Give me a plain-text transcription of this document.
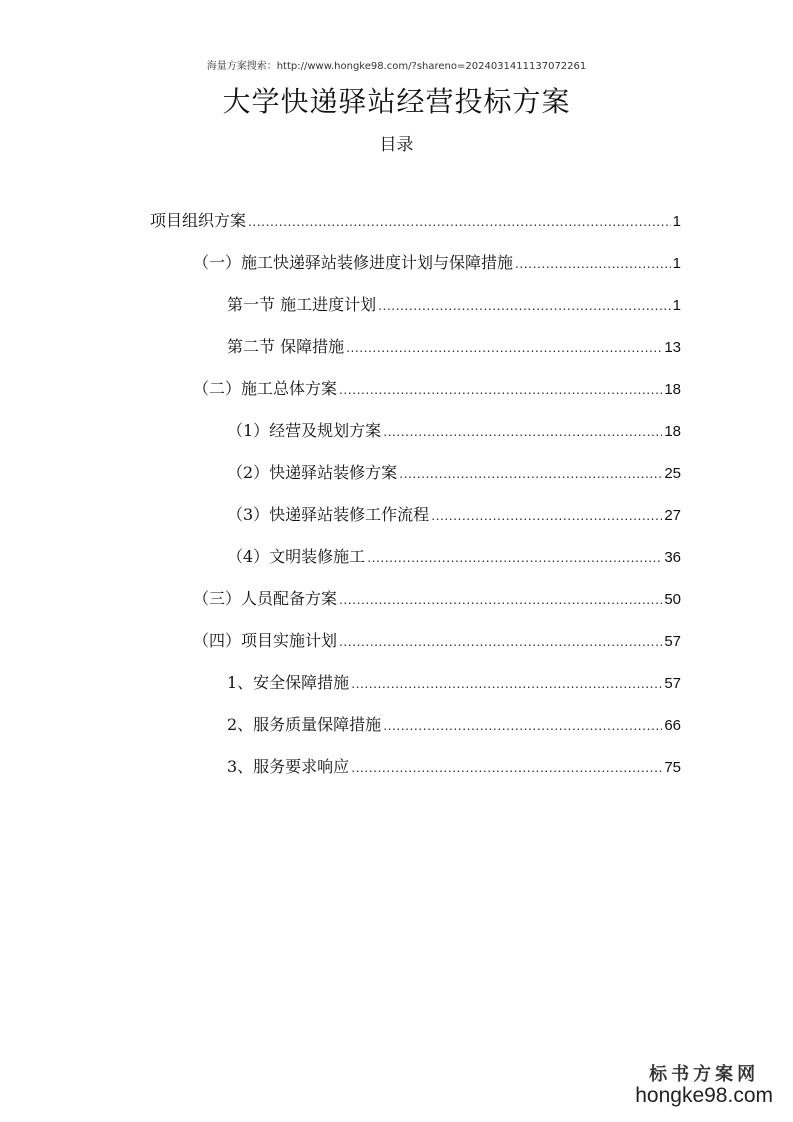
海量方案搜索：http://www.hongke98.com/?shareno=2024031411137072261
大学快递驿站经营投标方案
目录
项目组织方案 .....	1
（一）施工快递驿站装修进度计划与保障措施 .....	1
第一节 施工进度计划 .....	1
第二节 保障措施 .....	13
（二）施工总体方案 .....	18
（1）经营及规划方案 .....	18
（2）快递驿站装修方案 .....	25
（3）快递驿站装修工作流程 .....	27
（4）文明装修施工 .....	36
（三）人员配备方案 .....	50
（四）项目实施计划 .....	57
1、安全保障措施 .....	57
2、服务质量保障措施 .....	66
3、服务要求响应 .....	75
标书方案网
hongke98.com
